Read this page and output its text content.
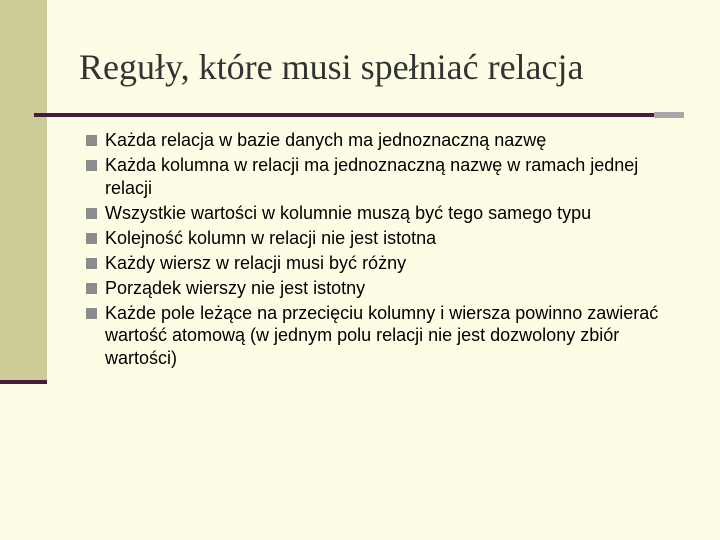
Reguły, które musi spełniać relacja
Każda relacja w bazie danych ma jednoznaczną nazwę
Każda kolumna w relacji ma jednoznaczną nazwę w ramach jednej relacji
Wszystkie wartości w kolumnie muszą być tego samego typu
Kolejność kolumn w relacji nie jest istotna
Każdy wiersz w relacji musi być różny
Porządek wierszy nie jest istotny
Każde pole leżące na przecięciu kolumny i wiersza powinno zawierać wartość atomową (w jednym polu relacji nie jest dozwolony zbiór wartości)
